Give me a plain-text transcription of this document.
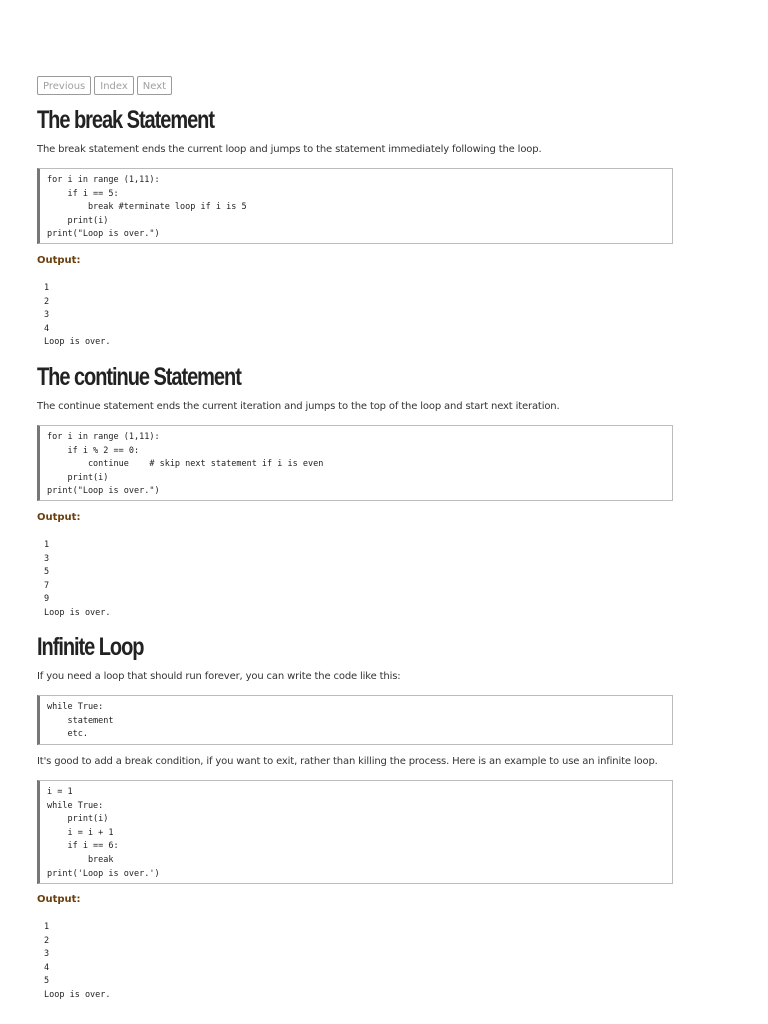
Previous	Index	Next
The break Statement

The break statement ends the current loop and jumps to the statement immediately following the loop.

for i in range (1,11):
if i == 5:
break #terminate loop if i is 5
print(i)
print("Loop is over.")

Output:

1
2
3
4
Loop is over.
The continue Statement

The continue statement ends the current iteration and jumps to the top of the loop and start next iteration.

for i in range (1,11):
if i % 2 == 0:
continue    # skip next statement if i is even
print(i)
print("Loop is over.")

Output:

1
3
5
7
9
Loop is over.
Infinite Loop

If you need a loop that should run forever, you can write the code like this:

while True:
statement
etc.

It's good to add a break condition, if you want to exit, rather than killing the process. Here is an example to use an infinite loop.

i = 1
while True:
print(i)
i = i + 1
if i == 6:
break
print('Loop is over.')

Output:

1
2
3
4
5
Loop is over.
